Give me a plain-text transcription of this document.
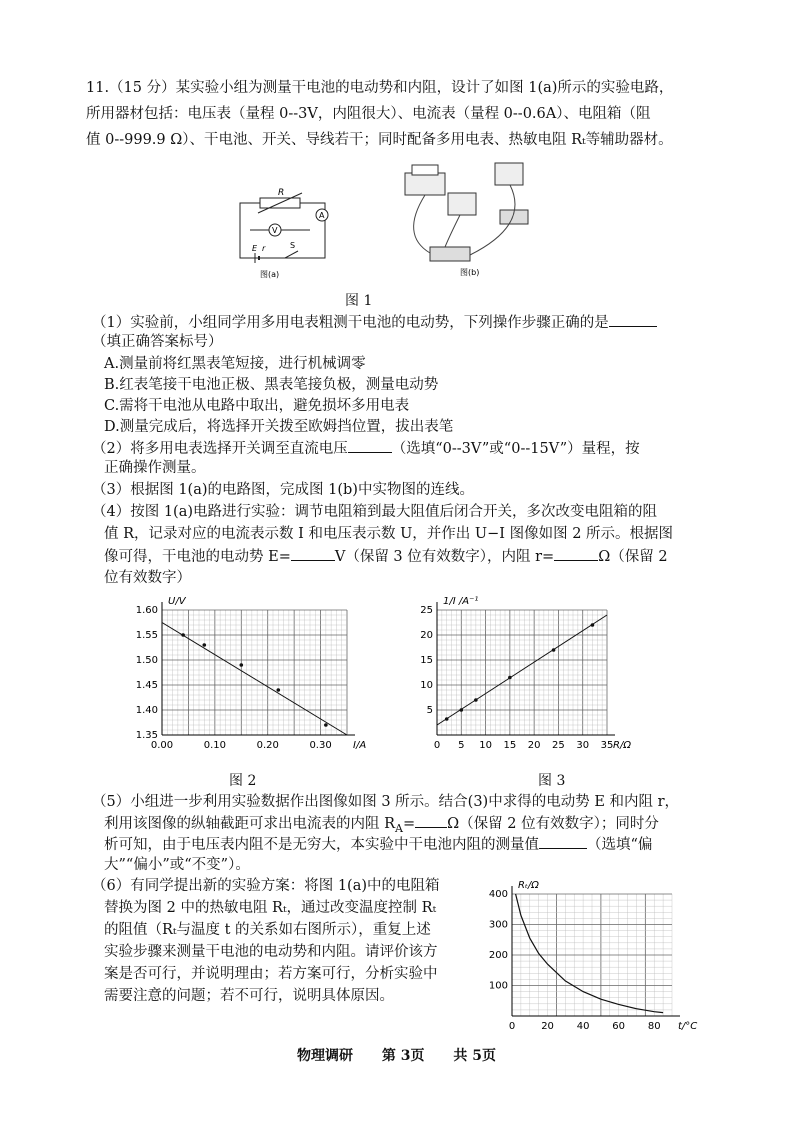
11.（15 分）某实验小组为测量干电池的电动势和内阻，设计了如图 1(a)所示的实验电路，
所用器材包括：电压表（量程 0--3V，内阻很大）、电流表（量程 0--0.6A）、电阻箱（阻
值 0--999.9 Ω）、干电池、开关、导线若干；同时配备多用电表、热敏电阻 Rₜ等辅助器材。
R
V
A
E r	S
图(a)	图(b)
图 1
（1）实验前，小组同学用多用电表粗测干电池的电动势，下列操作步骤正确的是
（填正确答案标号）
A.测量前将红黑表笔短接，进行机械调零
B.红表笔接干电池正极、黑表笔接负极，测量电动势
C.需将干电池从电路中取出，避免损坏多用电表
D.测量完成后，将选择开关拨至欧姆挡位置，拔出表笔
（2）将多用电表选择开关调至直流电压	（选填“0--3V”或“0--15V”）量程，按
正确操作测量。
（3）根据图 1(a)的电路图，完成图 1(b)中实物图的连线。
（4）按图 1(a)电路进行实验：调节电阻箱到最大阻值后闭合开关，多次改变电阻箱的阻
值 R，记录对应的电流表示数 I 和电压表示数 U，并作出 U−I 图像如图 2 所示。根据图
像可得，干电池的电动势 E=	V（保留 3 位有效数字），内阻 r=	Ω（保留 2
位有效数字）
0.00	0.10	0.20	0.30
1.35
1.40
1.45
1.50
1.55
1.60
I/A
U/V
0 5 10 15 20 25 30 35
5
10
15
20
25
R/Ω
1/I /A⁻¹
图 2	图 3
（5）小组进一步利用实验数据作出图像如图 3 所示。结合(3)中求得的电动势 E 和内阻 r，
利用该图像的纵轴截距可求出电流表的内阻 $R_A= \Omega$（保留 2 位有效数字）；同时分
析可知，由于电压表内阻不是无穷大，本实验中干电池内阻的测量值	（选填“偏
大”“偏小”或“不变”）。
（6）有同学提出新的实验方案：将图 1(a)中的电阻箱
替换为图 2 中的热敏电阻 Rₜ，通过改变温度控制 Rₜ
的阻值（Rₜ与温度 t 的关系如右图所示），重复上述
实验步骤来测量干电池的电动势和内阻。请评价该方
案是否可行，并说明理由；若方案可行，分析实验中
需要注意的问题；若不可行，说明具体原因。
0	20 40 60 80
100
200
300
400
t/°C
Rₜ/Ω
物理调研 第 3页 共 5页
